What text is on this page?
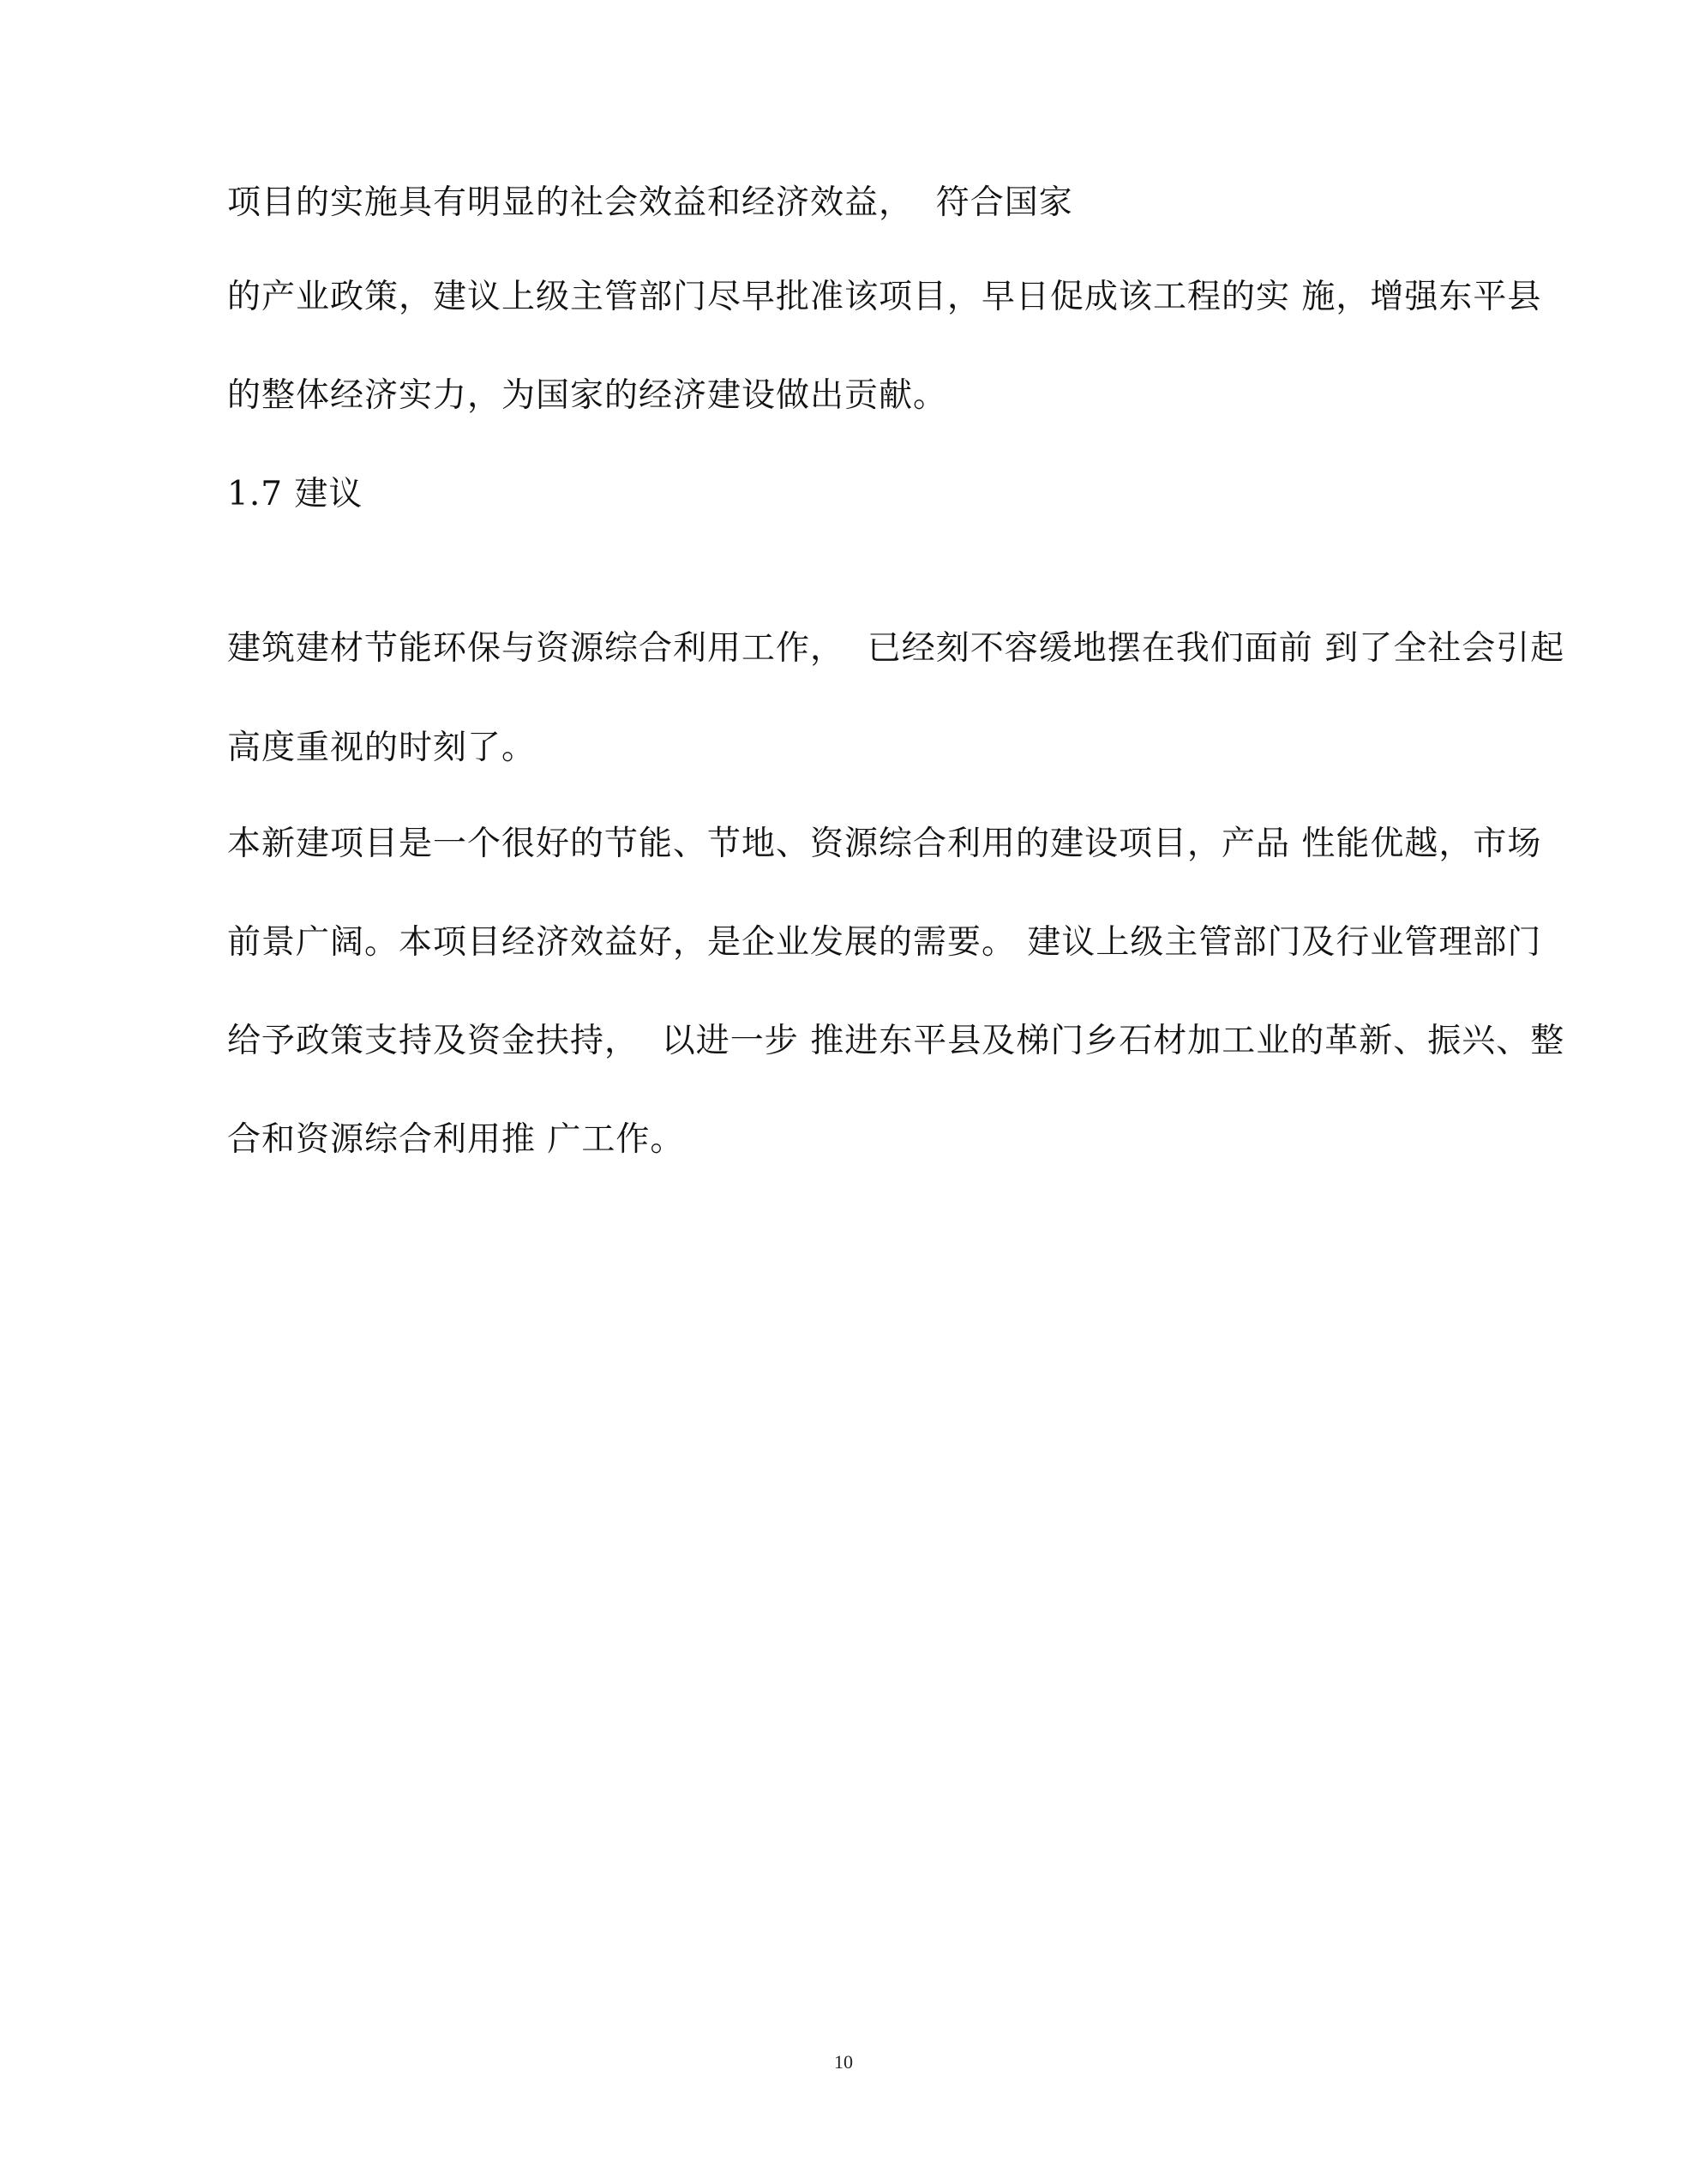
项目的实施具有明显的社会效益和经济效益，  符合国家
的产业政策，建议上级主管部门尽早批准该项目，早日促成该工程的实 施，增强东平县
的整体经济实力，为国家的经济建设做出贡献。
1.7 建议
建筑建材节能环保与资源综合利用工作，  已经刻不容缓地摆在我们面前 到了全社会引起
高度重视的时刻了。
本新建项目是一个很好的节能、节地、资源综合利用的建设项目，产品 性能优越，市场
前景广阔。本项目经济效益好，是企业发展的需要。 建议上级主管部门及行业管理部门
给予政策支持及资金扶持，  以进一步 推进东平县及梯门乡石材加工业的革新、振兴、整
合和资源综合利用推 广工作。
10
